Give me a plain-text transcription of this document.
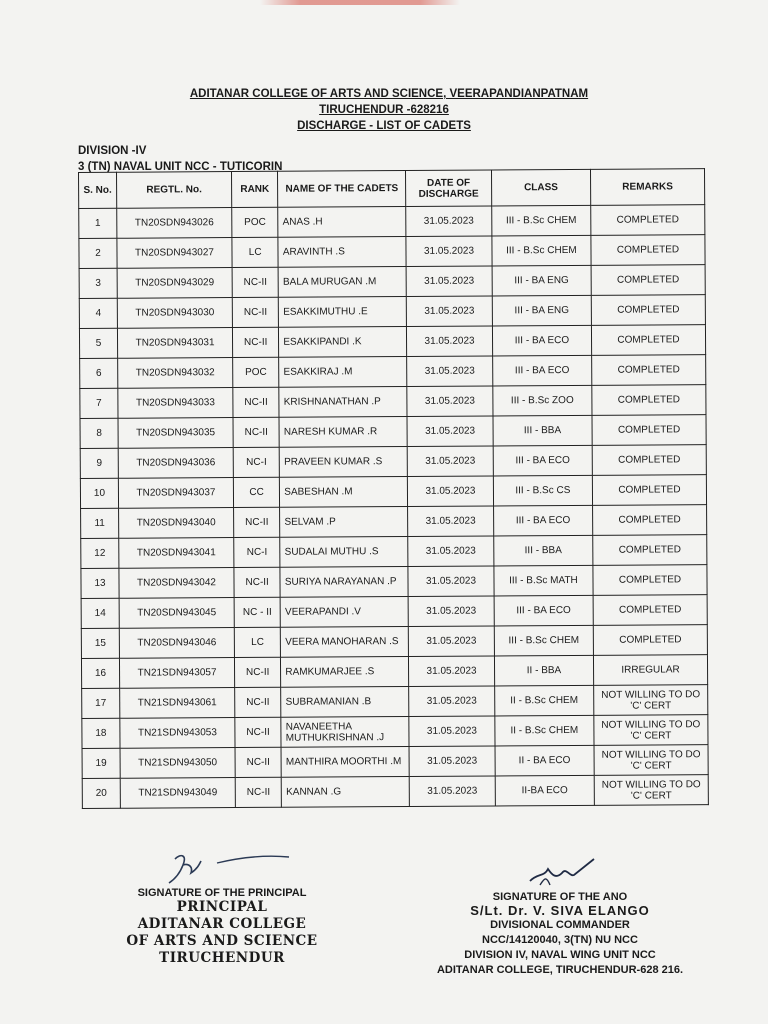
ADITANAR COLLEGE OF ARTS AND SCIENCE, VEERAPANDIANPATNAM
TIRUCHENDUR -628216
DISCHARGE - LIST OF CADETS
DIVISION -IV
3 (TN) NAVAL UNIT NCC - TUTICORIN
S. No.	REGTL. No.	RANK	NAME OF THE CADETS	DATE OF DISCHARGE	CLASS	REMARKS
1	TN20SDN943026	POC	ANAS .H	31.05.2023	III - B.Sc CHEM	COMPLETED
2	TN20SDN943027	LC	ARAVINTH .S	31.05.2023	III - B.Sc CHEM	COMPLETED
3	TN20SDN943029	NC-II	BALA MURUGAN .M	31.05.2023	III - BA ENG	COMPLETED
4	TN20SDN943030	NC-II	ESAKKIMUTHU .E	31.05.2023	III - BA ENG	COMPLETED
5	TN20SDN943031	NC-II	ESAKKIPANDI .K	31.05.2023	III - BA ECO	COMPLETED
6	TN20SDN943032	POC	ESAKKIRAJ .M	31.05.2023	III - BA ECO	COMPLETED
7	TN20SDN943033	NC-II	KRISHNANATHAN .P	31.05.2023	III - B.Sc ZOO	COMPLETED
8	TN20SDN943035	NC-II	NARESH KUMAR .R	31.05.2023	III - BBA	COMPLETED
9	TN20SDN943036	NC-I	PRAVEEN KUMAR .S	31.05.2023	III - BA ECO	COMPLETED
10	TN20SDN943037	CC	SABESHAN .M	31.05.2023	III - B.Sc CS	COMPLETED
11	TN20SDN943040	NC-II	SELVAM .P	31.05.2023	III - BA ECO	COMPLETED
12	TN20SDN943041	NC-I	SUDALAI MUTHU .S	31.05.2023	III - BBA	COMPLETED
13	TN20SDN943042	NC-II	SURIYA NARAYANAN .P	31.05.2023	III - B.Sc MATH	COMPLETED
14	TN20SDN943045	NC - II	VEERAPANDI .V	31.05.2023	III - BA ECO	COMPLETED
15	TN20SDN943046	LC	VEERA MANOHARAN .S	31.05.2023	III - B.Sc CHEM	COMPLETED
16	TN21SDN943057	NC-II	RAMKUMARJEE .S	31.05.2023	II - BBA	IRREGULAR
17	TN21SDN943061	NC-II	SUBRAMANIAN .B	31.05.2023	II - B.Sc CHEM	NOT WILLING TO DO 'C' CERT
18	TN21SDN943053	NC-II	NAVANEETHA MUTHUKRISHNAN .J	31.05.2023	II - B.Sc CHEM	NOT WILLING TO DO 'C' CERT
19	TN21SDN943050	NC-II	MANTHIRA MOORTHI .M	31.05.2023	II - BA ECO	NOT WILLING TO DO 'C' CERT
20	TN21SDN943049	NC-II	KANNAN .G	31.05.2023	II-BA ECO	NOT WILLING TO DO 'C' CERT
SIGNATURE OF THE PRINCIPAL
PRINCIPAL
ADITANAR COLLEGE
OF ARTS AND SCIENCE
TIRUCHENDUR
SIGNATURE OF THE ANO
S/Lt. Dr. V. SIVA ELANGO
DIVISIONAL COMMANDER
NCC/14120040, 3(TN) NU NCC
DIVISION IV, NAVAL WING UNIT NCC
ADITANAR COLLEGE, TIRUCHENDUR-628 216.
